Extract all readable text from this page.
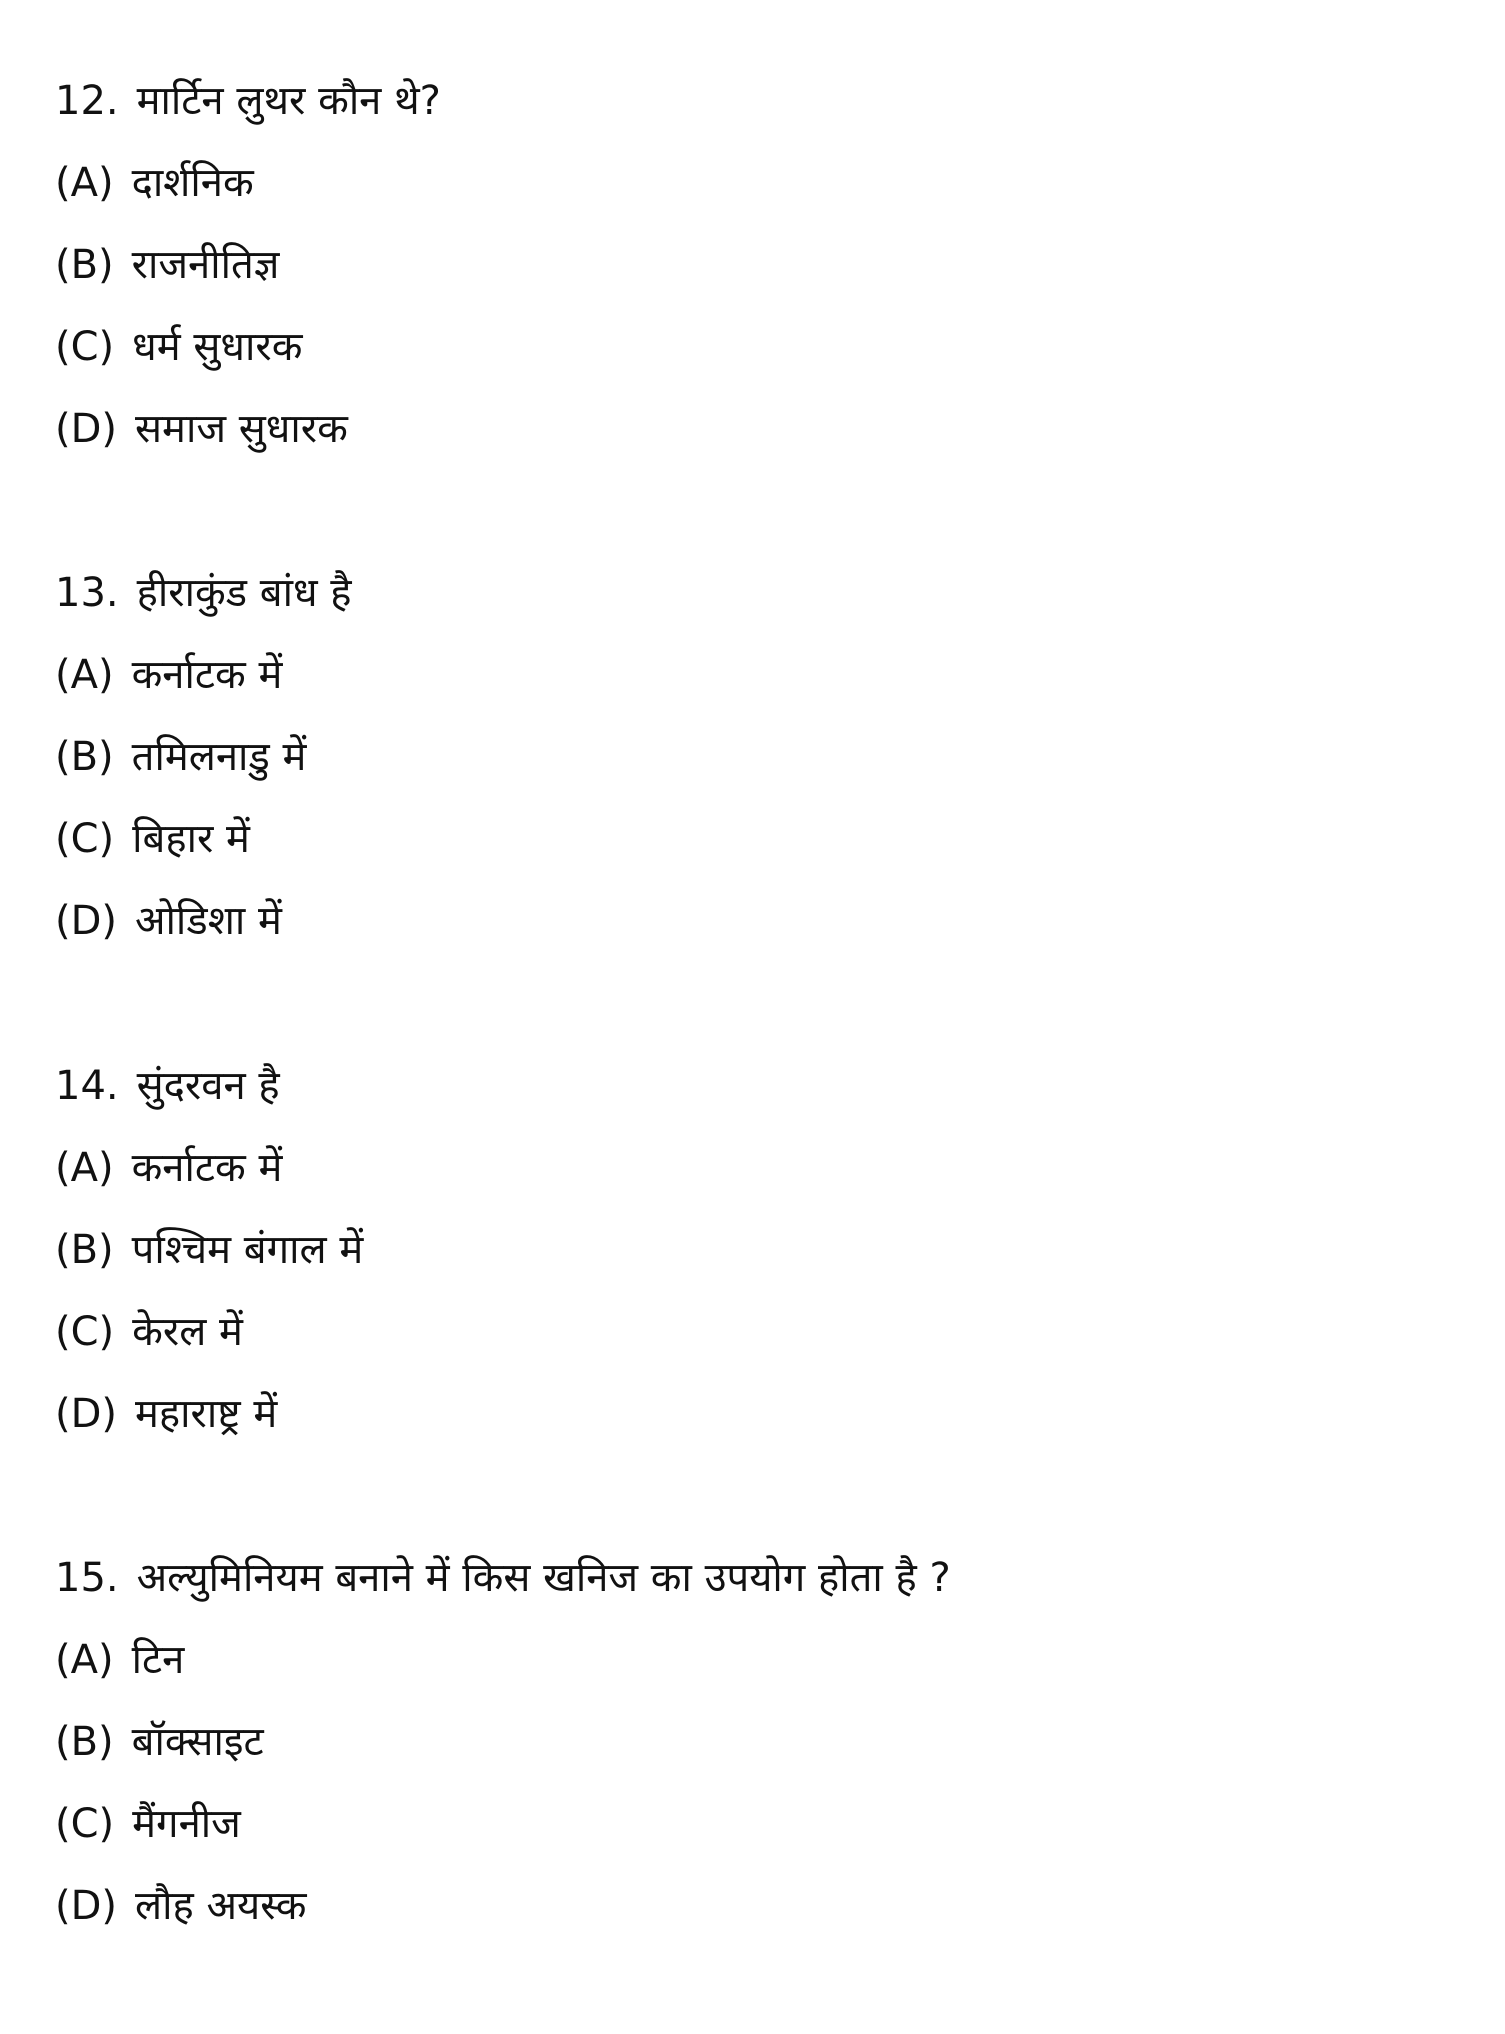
12. मार्टिन लुथर कौन थे?
(A) दार्शनिक
(B) राजनीतिज्ञ
(C) धर्म सुधारक
(D) समाज सुधारक
13. हीराकुंड बांध है
(A) कर्नाटक में
(B) तमिलनाडु में
(C) बिहार में
(D) ओडिशा में
14. सुंदरवन है
(A) कर्नाटक में
(B) पश्चिम बंगाल में
(C) केरल में
(D) महाराष्ट्र में
15. अल्युमिनियम बनाने में किस खनिज का उपयोग होता है ?
(A) टिन
(B) बॉक्साइट
(C) मैंगनीज
(D) लौह अयस्क
